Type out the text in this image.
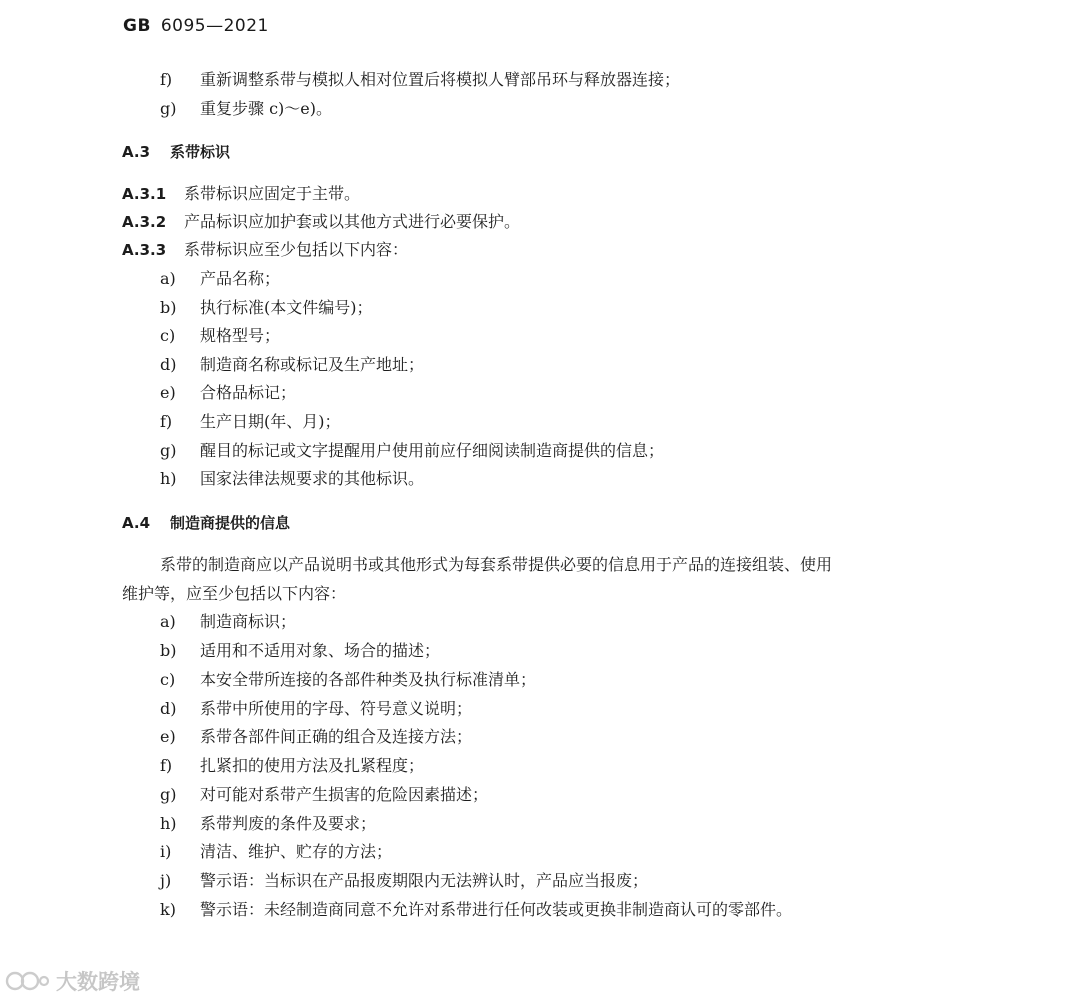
GB 6095—2021
f) 重新调整系带与模拟人相对位置后将模拟人臂部吊环与释放器连接；
g) 重复步骤 c)～e)。
A.3 系带标识
A.3.1 系带标识应固定于主带。
A.3.2 产品标识应加护套或以其他方式进行必要保护。
A.3.3 系带标识应至少包括以下内容：
a) 产品名称；
b) 执行标准(本文件编号)；
c) 规格型号；
d) 制造商名称或标记及生产地址；
e) 合格品标记；
f) 生产日期(年、月)；
g) 醒目的标记或文字提醒用户使用前应仔细阅读制造商提供的信息；
h) 国家法律法规要求的其他标识。
A.4 制造商提供的信息
系带的制造商应以产品说明书或其他形式为每套系带提供必要的信息用于产品的连接组装、使用
维护等，应至少包括以下内容：
a) 制造商标识；
b) 适用和不适用对象、场合的描述；
c) 本安全带所连接的各部件种类及执行标准清单；
d) 系带中所使用的字母、符号意义说明；
e) 系带各部件间正确的组合及连接方法；
f) 扎紧扣的使用方法及扎紧程度；
g) 对可能对系带产生损害的危险因素描述；
h) 系带判废的条件及要求；
i) 清洁、维护、贮存的方法；
j) 警示语：当标识在产品报废期限内无法辨认时，产品应当报废；
k) 警示语：未经制造商同意不允许对系带进行任何改装或更换非制造商认可的零部件。
大数跨境
